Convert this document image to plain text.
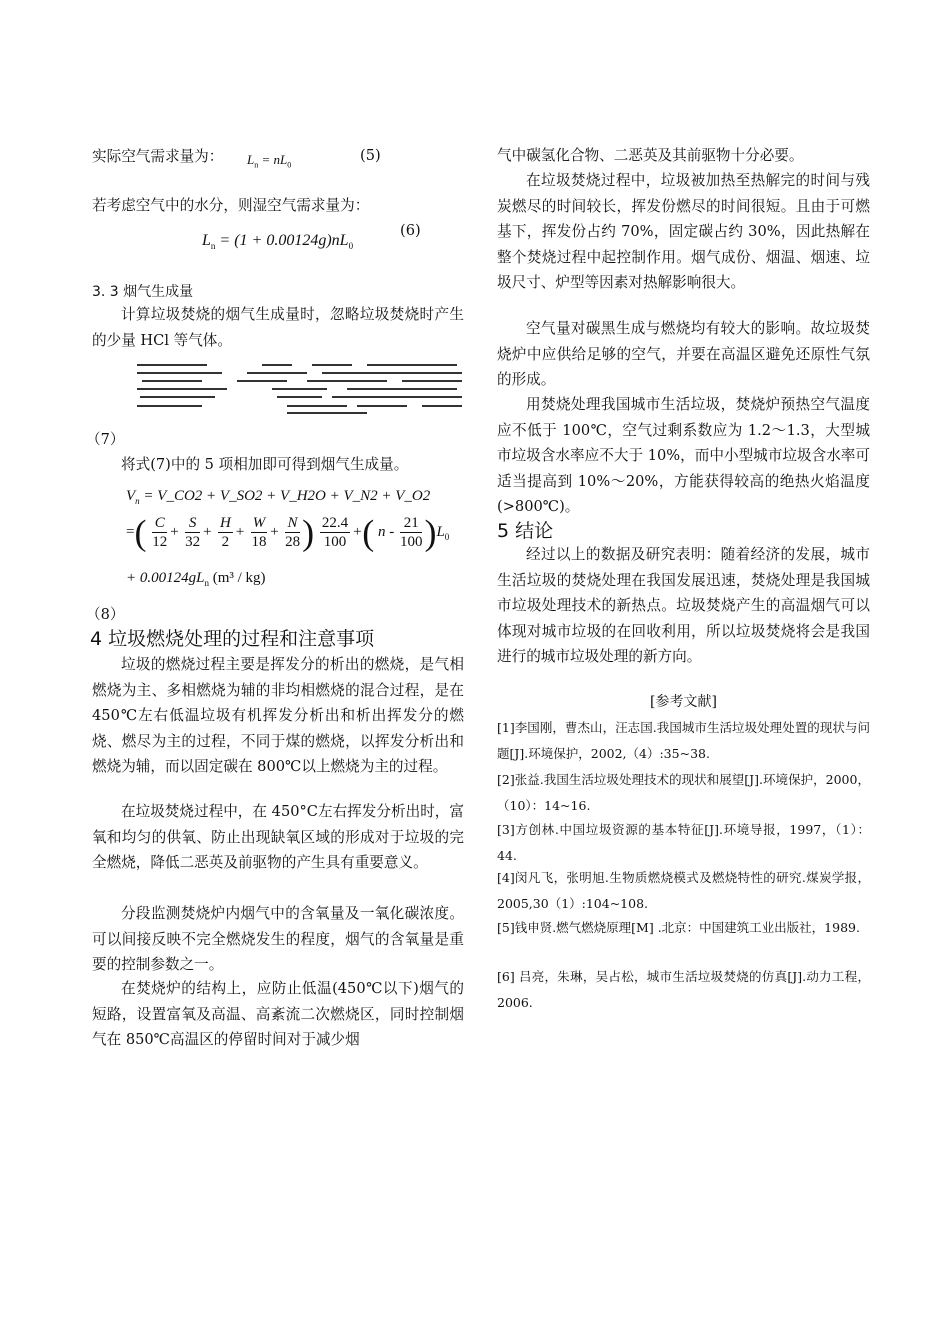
实际空气需求量为： $L_n = nL_0$
(5)
若考虑空气中的水分，则湿空气需求量为：
$L_n = (1 + 0.00124g)nL_0$
(6)
3. 3 烟气生成量

计算垃圾焚烧的烟气生成量时，忽略垃圾焚烧时产生的少量 HCl 等气体。

（7）
将式(7)中的 5 项相加即可得到烟气生成量。
$V_n$ = V_CO2 + V_SO2 + V_H2O + V_N2 + V_O2
=( $\frac{C}{12} + \frac{S}{32} + \frac{H}{2} + \frac{W}{18} + \frac{N}{28}$ ) $\frac{22.4}{100}$ +( n - $\frac{21}{100} )L_0$
+ $0.00124gL_n$ (m³ / kg)
（8）
4 垃圾燃烧处理的过程和注意事项

垃圾的燃烧过程主要是挥发分的析出的燃烧，是气相燃烧为主、多相燃烧为辅的非均相燃烧的混合过程，是在 450℃左右低温垃圾有机挥发分析出和析出挥发分的燃烧、燃尽为主的过程，不同于煤的燃烧，以挥发分析出和燃烧为辅，而以固定碳在 800℃以上燃烧为主的过程。

在垃圾焚烧过程中，在 450°C左右挥发分析出时，富氧和均匀的供氧、防止出现缺氧区域的形成对于垃圾的完全燃烧，降低二恶英及前驱物的产生具有重要意义。

分段监测焚烧炉内烟气中的含氧量及一氧化碳浓度。可以间接反映不完全燃烧发生的程度，烟气的含氧量是重要的控制参数之一。

在焚烧炉的结构上，应防止低温(450℃以下)烟气的短路，设置富氧及高温、高紊流二次燃烧区，同时控制烟气在 850℃高温区的停留时间对于减少烟

气中碳氢化合物、二恶英及其前驱物十分必要。

在垃圾焚烧过程中，垃圾被加热至热解完的时间与残炭燃尽的时间较长，挥发份燃尽的时间很短。且由于可燃基下，挥发份占约 70%，固定碳占约 30%，因此热解在整个焚烧过程中起控制作用。烟气成份、烟温、烟速、垃圾尺寸、炉型等因素对热解影响很大。

空气量对碳黑生成与燃烧均有较大的影响。故垃圾焚烧炉中应供给足够的空气，并要在高温区避免还原性气氛的形成。

用焚烧处理我国城市生活垃圾，焚烧炉预热空气温度应不低于 100℃，空气过剩系数应为 1.2～1.3，大型城市垃圾含水率应不大于 10%，而中小型城市垃圾含水率可适当提高到 10%～20%，方能获得较高的绝热火焰温度(>800℃)。

5 结论

经过以上的数据及研究表明：随着经济的发展，城市生活垃圾的焚烧处理在我国发展迅速，焚烧处理是我国城市垃圾处理技术的新热点。垃圾焚烧产生的高温烟气可以体现对城市垃圾的在回收利用，所以垃圾焚烧将会是我国进行的城市垃圾处理的新方向。

[参考文献]
[1]李国刚，曹杰山，汪志国.我国城市生活垃圾处理处置的现状与问题[J].环境保护，2002,（4）:35~38.
[2]张益.我国生活垃圾处理技术的现状和展望[J].环境保护，2000，（10）：14~16.
[3]方创林.中国垃圾资源的基本特征[J].环境导报，1997，（1）：44.
[4]闵凡飞，张明旭.生物质燃烧模式及燃烧特性的研究.煤炭学报，2005,30（1）:104~108.
[5]钱申贤.燃气燃烧原理[M] .北京：中国建筑工业出版社，1989.
[6] 吕亮，朱琳，吴占松，城市生活垃圾焚烧的仿真[J].动力工程，2006.
